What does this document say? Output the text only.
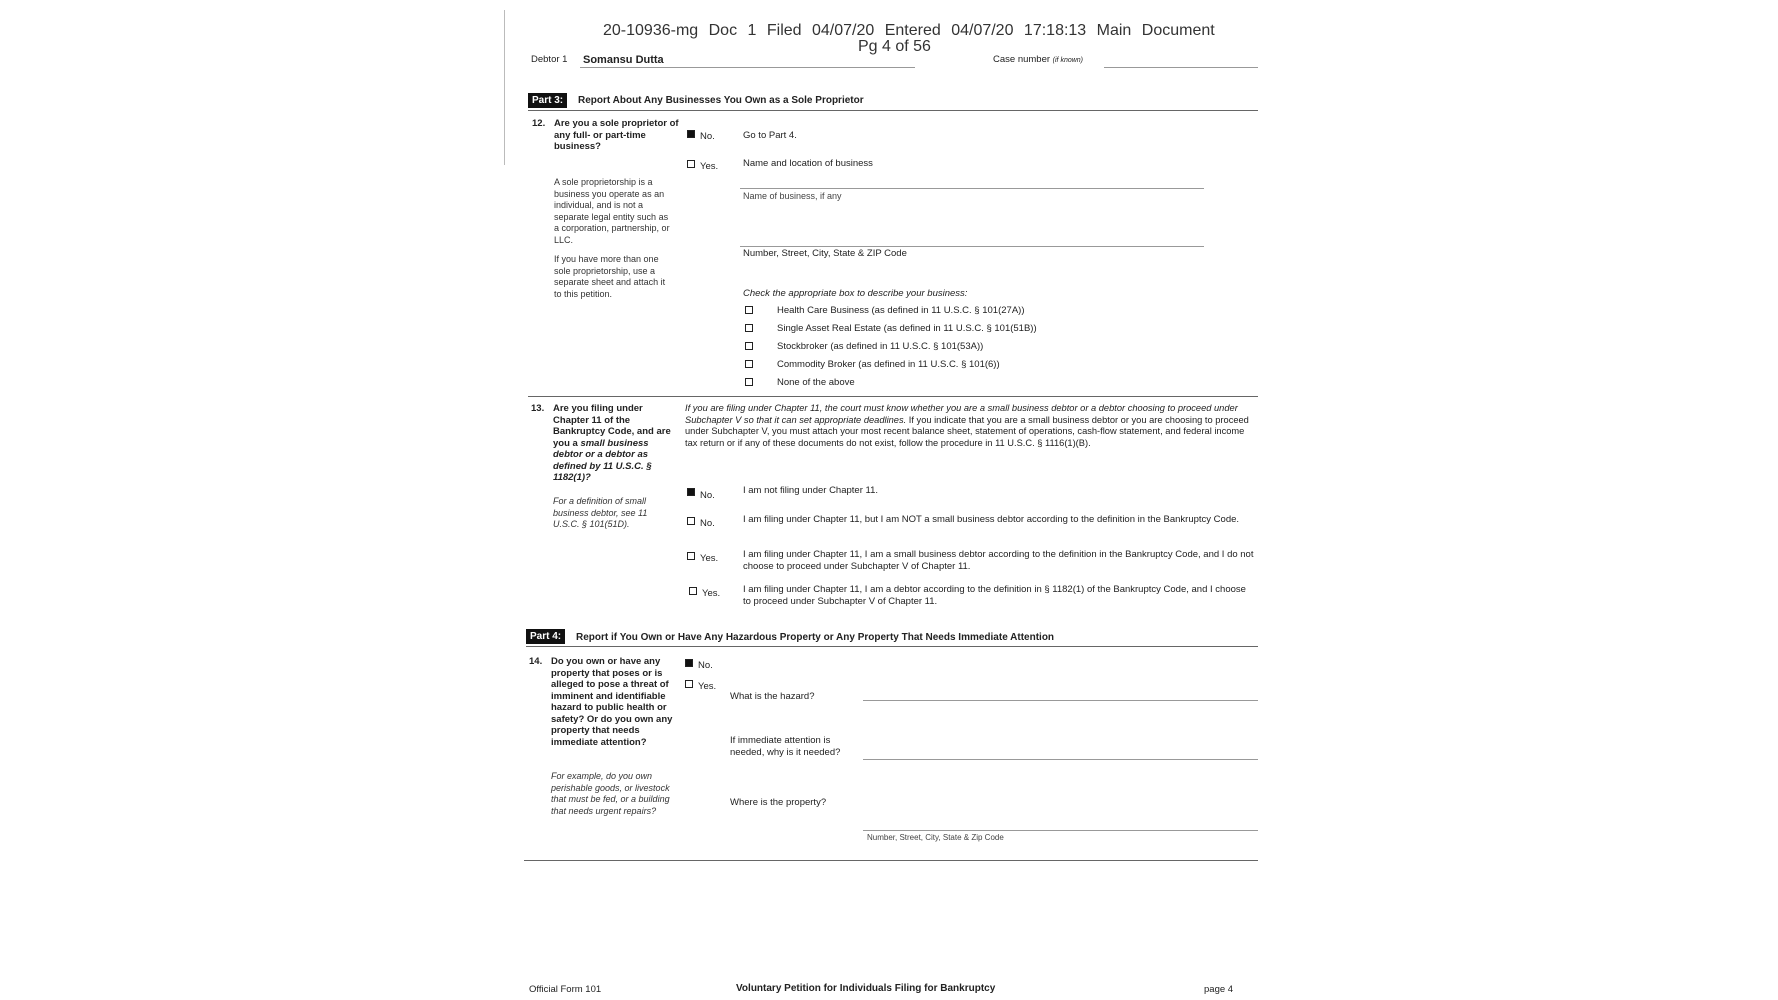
20-10936-mg Doc 1 Filed 04/07/20 Entered 04/07/20 17:18:13 Main Document
Pg 4 of 56
Debtor 1 Somansu Dutta	Case number (if known)
Part 3:	Report About Any Businesses You Own as a Sole Proprietor
12. Are you a sole proprietor of any full- or part-time business?
A sole proprietorship is a business you operate as an individual, and is not a separate legal entity such as a corporation, partnership, or LLC.
If you have more than one sole proprietorship, use a separate sheet and attach it to this petition.
No.	Go to Part 4.
Yes.	Name and location of business
Name of business, if any
Number, Street, City, State & ZIP Code
Check the appropriate box to describe your business:
Health Care Business (as defined in 11 U.S.C. § 101(27A))
Single Asset Real Estate (as defined in 11 U.S.C. § 101(51B))
Stockbroker (as defined in 11 U.S.C. § 101(53A))
Commodity Broker (as defined in 11 U.S.C. § 101(6))
None of the above
13. Are you filing under Chapter 11 of the Bankruptcy Code, and are you a small business debtor or a debtor as defined by 11 U.S.C. § 1182(1)?
For a definition of small business debtor, see 11 U.S.C. § 101(51D).
If you are filing under Chapter 11, the court must know whether you are a small business debtor or a debtor choosing to proceed under Subchapter V so that it can set appropriate deadlines. If you indicate that you are a small business debtor or you are choosing to proceed under Subchapter V, you must attach your most recent balance sheet, statement of operations, cash-flow statement, and federal income tax return or if any of these documents do not exist, follow the procedure in 11 U.S.C. § 1116(1)(B).
No.	I am not filing under Chapter 11.
No.	I am filing under Chapter 11, but I am NOT a small business debtor according to the definition in the Bankruptcy Code.
Yes.	I am filing under Chapter 11, I am a small business debtor according to the definition in the Bankruptcy Code, and I do not choose to proceed under Subchapter V of Chapter 11.
Yes. I am filing under Chapter 11, I am a debtor according to the definition in § 1182(1) of the Bankruptcy Code, and I choose to proceed under Subchapter V of Chapter 11.
Part 4:	Report if You Own or Have Any Hazardous Property or Any Property That Needs Immediate Attention
14. Do you own or have any property that poses or is alleged to pose a threat of imminent and identifiable hazard to public health or safety? Or do you own any property that needs immediate attention?
For example, do you own perishable goods, or livestock that must be fed, or a building that needs urgent repairs?
No.
Yes.
What is the hazard?
If immediate attention is needed, why is it needed?
Where is the property?
Number, Street, City, State & Zip Code
Official Form 101	Voluntary Petition for Individuals Filing for Bankruptcy	page 4
